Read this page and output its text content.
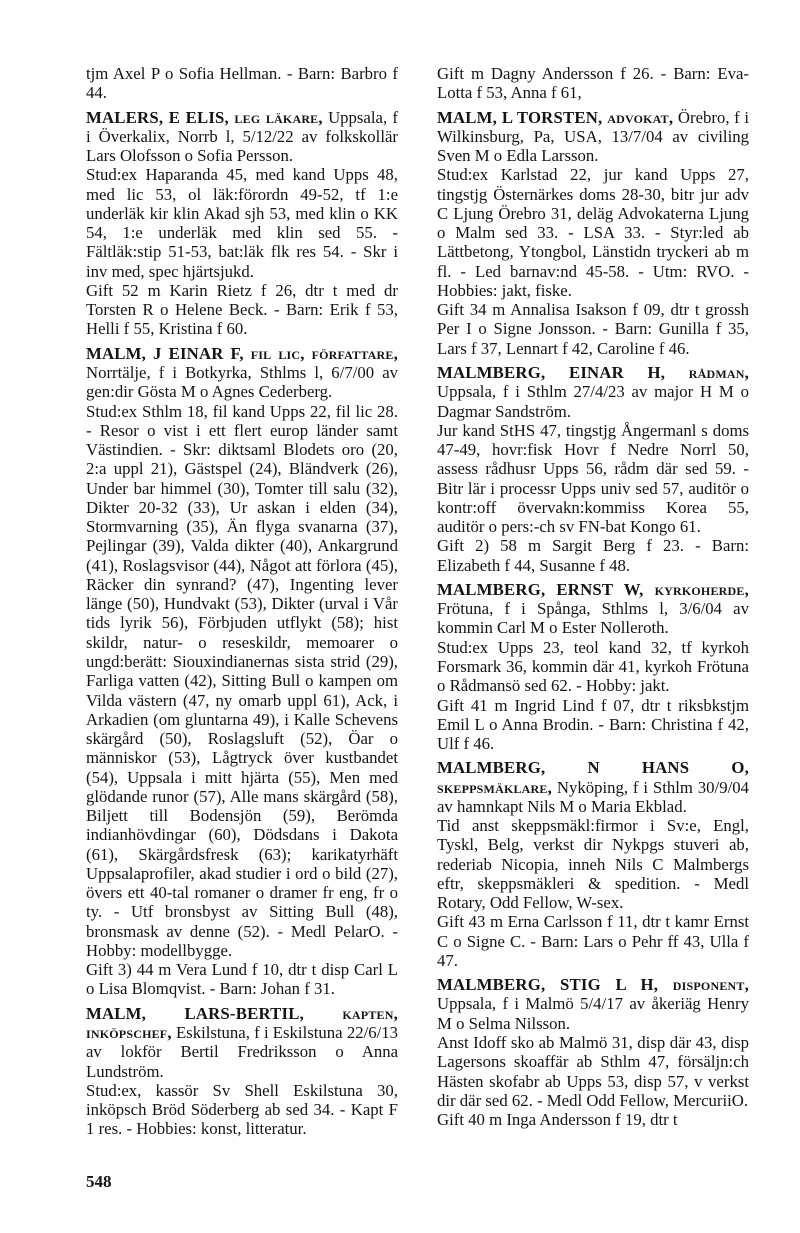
tjm Axel P o Sofia Hellman. - Barn: Barbro f 44.

MALERS, E ELIS, leg läkare, Uppsala, f i Överkalix, Norrb l, 5/12/22 av folkskollär Lars Olofsson o Sofia Persson.

Stud:ex Haparanda 45, med kand Upps 48, med lic 53, ol läk:förordn 49-52, tf 1:e underläk kir klin Akad sjh 53, med klin o KK 54, 1:e underläk med klin sed 55. - Fältläk:stip 51-53, bat:läk flk res 54. - Skr i inv med, spec hjärtsjukd.

Gift 52 m Karin Rietz f 26, dtr t med dr Torsten R o Helene Beck. - Barn: Erik f 53, Helli f 55, Kristina f 60.

MALM, J EINAR F, fil lic, författare, Norrtälje, f i Botkyrka, Sthlms l, 6/7/00 av gen:dir Gösta M o Agnes Cederberg.

Stud:ex Sthlm 18, fil kand Upps 22, fil lic 28. - Resor o vist i ett flert europ länder samt Västindien. - Skr: diktsaml Blodets oro (20, 2:a uppl 21), Gästspel (24), Bländverk (26), Under bar himmel (30), Tomter till salu (32), Dikter 20-32 (33), Ur askan i elden (34), Stormvarning (35), Än flyga svanarna (37), Pejlingar (39), Valda dikter (40), Ankargrund (41), Roslagsvisor (44), Något att förlora (45), Räcker din synrand? (47), Ingenting lever länge (50), Hundvakt (53), Dikter (urval i Vår tids lyrik 56), Förbjuden utflykt (58); hist skildr, natur- o reseskildr, memoarer o ungd:berätt: Siouxindianernas sista strid (29), Farliga vatten (42), Sitting Bull o kampen om Vilda västern (47, ny omarb uppl 61), Ack, i Arkadien (om gluntarna 49), i Kalle Schevens skärgård (50), Roslagsluft (52), Öar o människor (53), Lågtryck över kustbandet (54), Uppsala i mitt hjärta (55), Men med glödande runor (57), Alle mans skärgård (58), Biljett till Bodensjön (59), Berömda indianhövdingar (60), Dödsdans i Dakota (61), Skärgårdsfresk (63); karikatyrhäft Uppsalaprofiler, akad studier i ord o bild (27), övers ett 40-tal romaner o dramer fr eng, fr o ty. - Utf bronsbyst av Sitting Bull (48), bronsmask av denne (52). - Medl PelarO. - Hobby: modellbygge.

Gift 3) 44 m Vera Lund f 10, dtr t disp Carl L o Lisa Blomqvist. - Barn: Johan f 31.

MALM, LARS-BERTIL, kapten, inköpschef, Eskilstuna, f i Eskilstuna 22/6/13 av lokför Bertil Fredriksson o Anna Lundström.

Stud:ex, kassör Sv Shell Eskilstuna 30, inköpsch Bröd Söderberg ab sed 34. - Kapt F 1 res. - Hobbies: konst, litteratur.

Gift m Dagny Andersson f 26. - Barn: Eva-Lotta f 53, Anna f 61,

MALM, L TORSTEN, advokat, Örebro, f i Wilkinsburg, Pa, USA, 13/7/04 av civiling Sven M o Edla Larsson.

Stud:ex Karlstad 22, jur kand Upps 27, tingstjg Östernärkes doms 28-30, bitr jur adv C Ljung Örebro 31, deläg Advokaterna Ljung o Malm sed 33. - LSA 33. - Styr:led ab Lättbetong, Ytongbol, Länstidn tryckeri ab m fl. - Led barnav:nd 45-58. - Utm: RVO. - Hobbies: jakt, fiske.

Gift 34 m Annalisa Isakson f 09, dtr t grossh Per I o Signe Jonsson. - Barn: Gunilla f 35, Lars f 37, Lennart f 42, Caroline f 46.

MALMBERG, EINAR H, rådman, Uppsala, f i Sthlm 27/4/23 av major H M o Dagmar Sandström.

Jur kand StHS 47, tingstjg Ångermanl s doms 47-49, hovr:fisk Hovr f Nedre Norrl 50, assess rådhusr Upps 56, rådm där sed 59. - Bitr lär i processr Upps univ sed 57, auditör o kontr:off övervakn:kommiss Korea 55, auditör o pers:-ch sv FN-bat Kongo 61.

Gift 2) 58 m Sargit Berg f 23. - Barn: Elizabeth f 44, Susanne f 48.

MALMBERG, ERNST W, kyrkoherde, Frötuna, f i Spånga, Sthlms l, 3/6/04 av kommin Carl M o Ester Nolleroth.

Stud:ex Upps 23, teol kand 32, tf kyrkoh Forsmark 36, kommin där 41, kyrkoh Frötuna o Rådmansö sed 62. - Hobby: jakt.

Gift 41 m Ingrid Lind f 07, dtr t riksbkstjm Emil L o Anna Brodin. - Barn: Christina f 42, Ulf f 46.

MALMBERG, N HANS O, skeppsmäklare, Nyköping, f i Sthlm 30/9/04 av hamnkapt Nils M o Maria Ekblad.

Tid anst skeppsmäkl:firmor i Sv:e, Engl, Tyskl, Belg, verkst dir Nykpgs stuveri ab, rederiab Nicopia, inneh Nils C Malmbergs eftr, skeppsmäkleri & spedition. - Medl Rotary, Odd Fellow, W-sex.

Gift 43 m Erna Carlsson f 11, dtr t kamr Ernst C o Signe C. - Barn: Lars o Pehr ff 43, Ulla f 47.

MALMBERG, STIG L H, disponent, Uppsala, f i Malmö 5/4/17 av åkeriäg Henry M o Selma Nilsson.

Anst Idoff sko ab Malmö 31, disp där 43, disp Lagersons skoaffär ab Sthlm 47, försäljn:ch Hästen skofabr ab Upps 53, disp 57, v verkst dir där sed 62. - Medl Odd Fellow, MercuriiO.

Gift 40 m Inga Andersson f 19, dtr t

548
